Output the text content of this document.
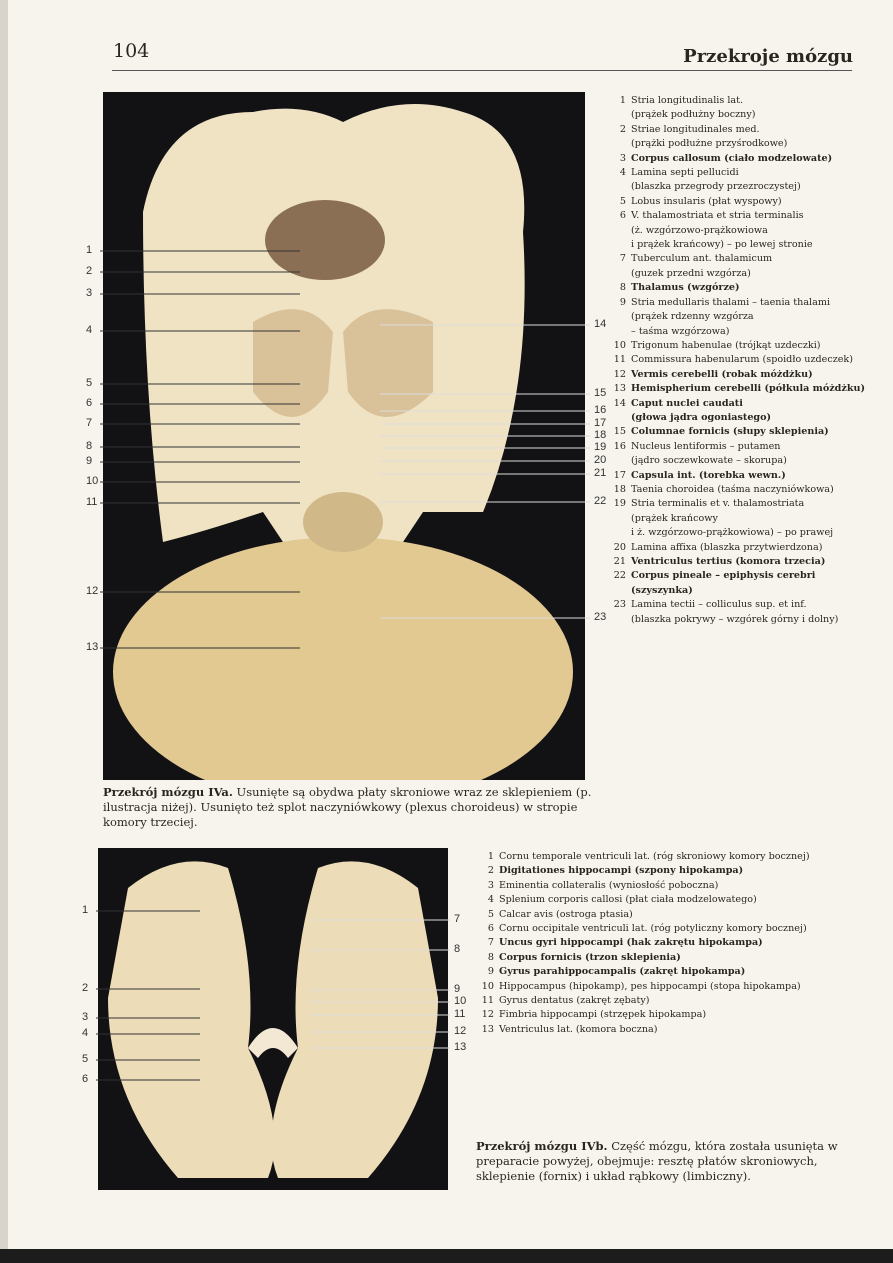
104	Przekroje mózgu
1
2
3
4
5
6
7
8
9
10
11
12
13
14
15
16
17
18
19
20
21
22
23
1
2
3
4
5
6
7
8
9
10
11
12
13
1 Stria longitudinalis lat.
(prążek podłużny boczny)
2 Striae longitudinales med.
(prążki podłużne przyśrodkowe)
3 Corpus callosum (ciało modzelowate)
4 Lamina septi pellucidi
(blaszka przegrody przezroczystej)
5 Lobus insularis (płat wyspowy)
6 V. thalamostriata et stria terminalis
(ż. wzgórzowo-prążkowiowa
i prążek krańcowy) – po lewej stronie
7 Tuberculum ant. thalamicum
(guzek przedni wzgórza)
8 Thalamus (wzgórze)
9 Stria medullaris thalami – taenia thalami
(prążek rdzenny wzgórza
– taśma wzgórzowa)
10 Trigonum habenulae (trójkąt uzdeczki)
11 Commissura habenularum (spoidło uzdeczek)
12 Vermis cerebelli (robak móżdżku)
13 Hemispherium cerebelli (półkula móżdżku)
14 Caput nuclei caudati
(głowa jądra ogoniastego)
15 Columnae fornicis (słupy sklepienia)
16 Nucleus lentiformis – putamen
(jądro soczewkowate – skorupa)
17 Capsula int. (torebka wewn.)
18 Taenia choroidea (taśma naczyniówkowa)
19 Stria terminalis et v. thalamostriata
(prążek krańcowy
i ż. wzgórzowo-prążkowiowa) – po prawej
20 Lamina affixa (blaszka przytwierdzona)
21 Ventriculus tertius (komora trzecia)
22 Corpus pineale – epiphysis cerebri
(szyszynka)
23 Lamina tectii – colliculus sup. et inf.
(blaszka pokrywy – wzgórek górny i dolny)
Przekrój mózgu IVa. Usunięte są obydwa płaty skroniowe wraz ze sklepieniem (p. ilustracja niżej). Usunięto też splot naczyniówkowy (plexus choroideus) w stropie komory trzeciej.
1 Cornu temporale ventriculi lat. (róg skroniowy komory bocznej)
2 Digitationes hippocampi (szpony hipokampa)
3 Eminentia collateralis (wyniosłość poboczna)
4 Splenium corporis callosi (płat ciała modzelowatego)
5 Calcar avis (ostroga ptasia)
6 Cornu occipitale ventriculi lat. (róg potyliczny komory bocznej)
7 Uncus gyri hippocampi (hak zakrętu hipokampa)
8 Corpus fornicis (trzon sklepienia)
9 Gyrus parahippocampalis (zakręt hipokampa)
10 Hippocampus (hipokamp), pes hippocampi (stopa hipokampa)
11 Gyrus dentatus (zakręt zębaty)
12 Fimbria hippocampi (strzępek hipokampa)
13 Ventriculus lat. (komora boczna)
Przekrój mózgu IVb. Część mózgu, która została usunięta w preparacie powyżej, obejmuje: resztę płatów skroniowych, sklepienie (fornix) i układ rąbkowy (limbiczny).
